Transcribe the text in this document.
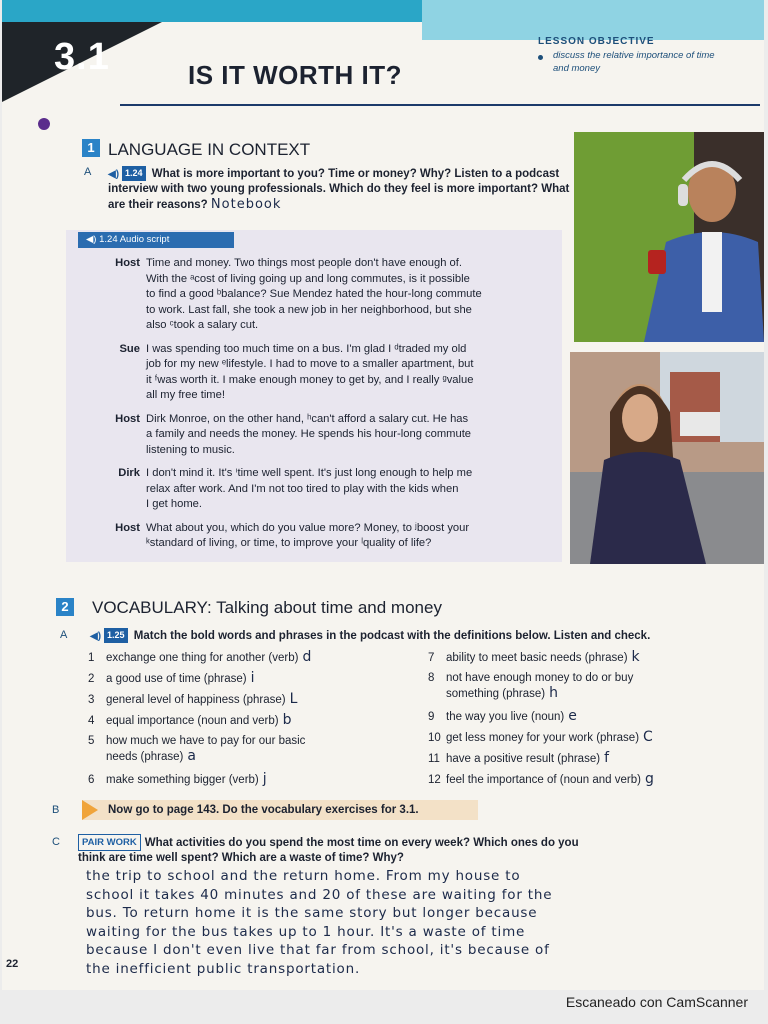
3.1	IS IT WORTH IT?
LESSON OBJECTIVE
discuss the relative importance of time and money
1 LANGUAGE IN CONTEXT
A ◀) 1.24 What is more important to you? Time or money? Why? Listen to a podcast interview with two young professionals. Which do they feel is more important? What are their reasons? Notebook
◀) 1.24 Audio script
Host Time and money. Two things most people don't have enough of.
With the ᵃcost of living going up and long commutes, is it possible
to find a good ᵇbalance? Sue Mendez hated the hour-long commute
to work. Last fall, she took a new job in her neighborhood, but she
also ᶜtook a salary cut.
Sue I was spending too much time on a bus. I'm glad I ᵈtraded my old
job for my new ᵉlifestyle. I had to move to a smaller apartment, but
it ᶠwas worth it. I make enough money to get by, and I really ᵍvalue
all my free time!
Host Dirk Monroe, on the other hand, ʰcan't afford a salary cut. He has
a family and needs the money. He spends his hour-long commute
listening to music.
Dirk I don't mind it. It's ⁱtime well spent. It's just long enough to help me
relax after work. And I'm not too tired to play with the kids when
I get home.
Host What about you, which do you value more? Money, to ʲboost your
ᵏstandard of living, or time, to improve your ˡquality of life?
2	VOCABULARY: Talking about time and money
A ◀) 1.25 Match the bold words and phrases in the podcast with the definitions below. Listen and check.
1 exchange one thing for another (verb) d
2 a good use of time (phrase) i
3 general level of happiness (phrase) L
4 equal importance (noun and verb) b
5 how much we have to pay for our basic
needs (phrase) a
6 make something bigger (verb) j
7 ability to meet basic needs (phrase) k
8 not have enough money to do or buy
something (phrase) h
9 the way you live (noun) e
10 get less money for your work (phrase) C
11 have a positive result (phrase) f
12 feel the importance of (noun and verb) g
B	Now go to page 143. Do the vocabulary exercises for 3.1.
C	PAIR WORK What activities do you spend the most time on every week? Which ones do you
think are time well spent? Which are a waste of time? Why?
the trip to school and the return home. From my house to
school it takes 40 minutes and 20 of these are waiting for the
bus. To return home it is the same story but longer because
waiting for the bus takes up to 1 hour. It's a waste of time
because I don't even live that far from school, it's because of
the inefficient public transportation.
22
Escaneado con CamScanner
